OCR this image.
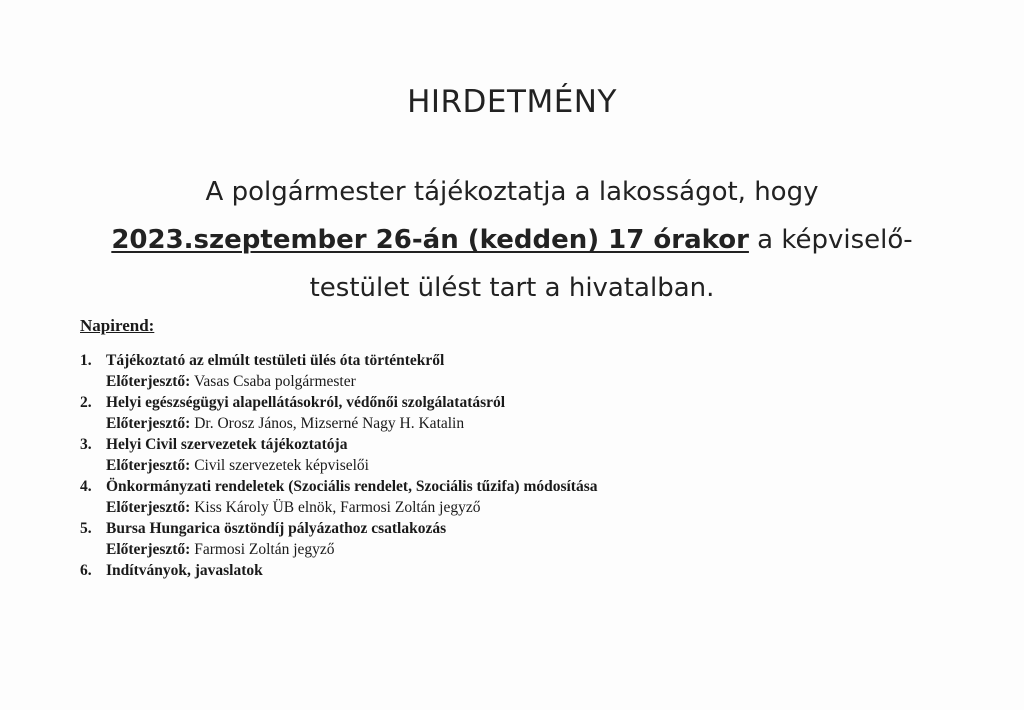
HIRDETMÉNY
A polgármester tájékoztatja a lakosságot, hogy
2023.szeptember 26-án (kedden) 17 órakor a képviselő-
testület ülést tart a hivatalban.
Napirend:
1. Tájékoztató az elmúlt testületi ülés óta történtekről
Előterjesztő: Vasas Csaba polgármester
2. Helyi egészségügyi alapellátásokról, védőnői szolgálatatásról
Előterjesztő: Dr. Orosz János, Mizserné Nagy H. Katalin
3. Helyi Civil szervezetek tájékoztatója
Előterjesztő: Civil szervezetek képviselői
4. Önkormányzati rendeletek (Szociális rendelet, Szociális tűzifa) módosítása
Előterjesztő: Kiss Károly ÜB elnök, Farmosi Zoltán jegyző
5. Bursa Hungarica ösztöndíj pályázathoz csatlakozás
Előterjesztő: Farmosi Zoltán jegyző
6. Indítványok, javaslatok
